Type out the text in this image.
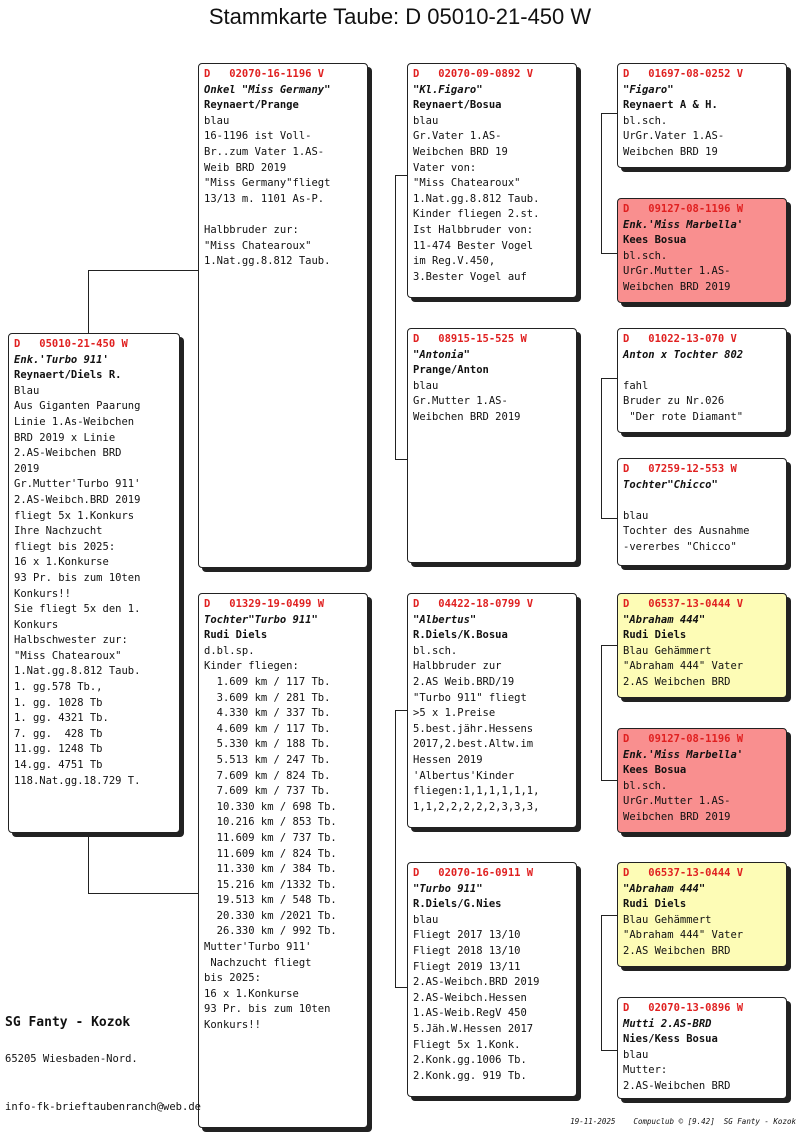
Stammkarte Taube: D 05010-21-450 W
D   05010-21-450 W
Enk.'Turbo 911'
Reynaert/Diels R.
Blau
Aus Giganten Paarung
Linie 1.As-Weibchen
BRD 2019 x Linie
2.AS-Weibchen BRD
2019
Gr.Mutter'Turbo 911'
2.AS-Weibch.BRD 2019
fliegt 5x 1.Konkurs
Ihre Nachzucht
fliegt bis 2025:
16 x 1.Konkurse
93 Pr. bis zum 10ten
Konkurs!!
Sie fliegt 5x den 1.
Konkurs
Halbschwester zur:
"Miss Chatearoux"
1.Nat.gg.8.812 Taub.
1. gg.578 Tb.,
1. gg. 1028 Tb
1. gg. 4321 Tb.
7. gg.  428 Tb
11.gg. 1248 Tb
14.gg. 4751 Tb
118.Nat.gg.18.729 T.
D   02070-16-1196 V
Onkel "Miss Germany"
Reynaert/Prange
blau
16-1196 ist Voll-
Br..zum Vater 1.AS-
Weib BRD 2019
"Miss Germany"fliegt
13/13 m. 1101 As-P.
Halbbruder zur:
"Miss Chatearoux"
1.Nat.gg.8.812 Taub.
D   01329-19-0499 W
Tochter"Turbo 911"
Rudi Diels
d.bl.sp.
Kinder fliegen:
1.609 km / 117 Tb.
3.609 km / 281 Tb.
4.330 km / 337 Tb.
4.609 km / 117 Tb.
5.330 km / 188 Tb.
5.513 km / 247 Tb.
7.609 km / 824 Tb.
7.609 km / 737 Tb.
10.330 km / 698 Tb.
10.216 km / 853 Tb.
11.609 km / 737 Tb.
11.609 km / 824 Tb.
11.330 km / 384 Tb.
15.216 km /1332 Tb.
19.513 km / 548 Tb.
20.330 km /2021 Tb.
26.330 km / 992 Tb.
Mutter'Turbo 911'
Nachzucht fliegt
bis 2025:
16 x 1.Konkurse
93 Pr. bis zum 10ten
Konkurs!!
D   02070-09-0892 V
"Kl.Figaro"
Reynaert/Bosua
blau
Gr.Vater 1.AS-
Weibchen BRD 19
Vater von:
"Miss Chatearoux"
1.Nat.gg.8.812 Taub.
Kinder fliegen 2.st.
Ist Halbbruder von:
11-474 Bester Vogel
im Reg.V.450,
3.Bester Vogel auf
D   08915-15-525 W
"Antonia"
Prange/Anton
blau
Gr.Mutter 1.AS-
Weibchen BRD 2019
D   04422-18-0799 V
"Albertus"
R.Diels/K.Bosua
bl.sch.
Halbbruder zur
2.AS Weib.BRD/19
"Turbo 911" fliegt
>5 x 1.Preise
5.best.jähr.Hessens
2017,2.best.Altw.im
Hessen 2019
'Albertus'Kinder
fliegen:1,1,1,1,1,1,
1,1,2,2,2,2,2,3,3,3,
D   02070-16-0911 W
"Turbo 911"
R.Diels/G.Nies
blau
Fliegt 2017 13/10
Fliegt 2018 13/10
Fliegt 2019 13/11
2.AS-Weibch.BRD 2019
2.AS-Weibch.Hessen
1.AS-Weib.RegV 450
5.Jäh.W.Hessen 2017
Fliegt 5x 1.Konk.
2.Konk.gg.1006 Tb.
2.Konk.gg. 919 Tb.
D   01697-08-0252 V
"Figaro"
Reynaert A & H.
bl.sch.
UrGr.Vater 1.AS-
Weibchen BRD 19
D   09127-08-1196 W
Enk.'Miss Marbella'
Kees Bosua
bl.sch.
UrGr.Mutter 1.AS-
Weibchen BRD 2019
D   01022-13-070 V
Anton x Tochter 802
fahl
Bruder zu Nr.026
"Der rote Diamant"
D   07259-12-553 W
Tochter"Chicco"
blau
Tochter des Ausnahme
-vererbes "Chicco"
D   06537-13-0444 V
"Abraham 444"
Rudi Diels
Blau Gehämmert
"Abraham 444" Vater
2.AS Weibchen BRD
D   09127-08-1196 W
Enk.'Miss Marbella'
Kees Bosua
bl.sch.
UrGr.Mutter 1.AS-
Weibchen BRD 2019
D   06537-13-0444 V
"Abraham 444"
Rudi Diels
Blau Gehämmert
"Abraham 444" Vater
2.AS Weibchen BRD
D   02070-13-0896 W
Mutti 2.AS-BRD
Nies/Kess Bosua
blau
Mutter:
2.AS-Weibchen BRD
SG Fanty - Kozok
65205 Wiesbaden-Nord.
info-fk-brieftaubenranch@web.de
19-11-2025    Compuclub © [9.42]  SG Fanty - Kozok
